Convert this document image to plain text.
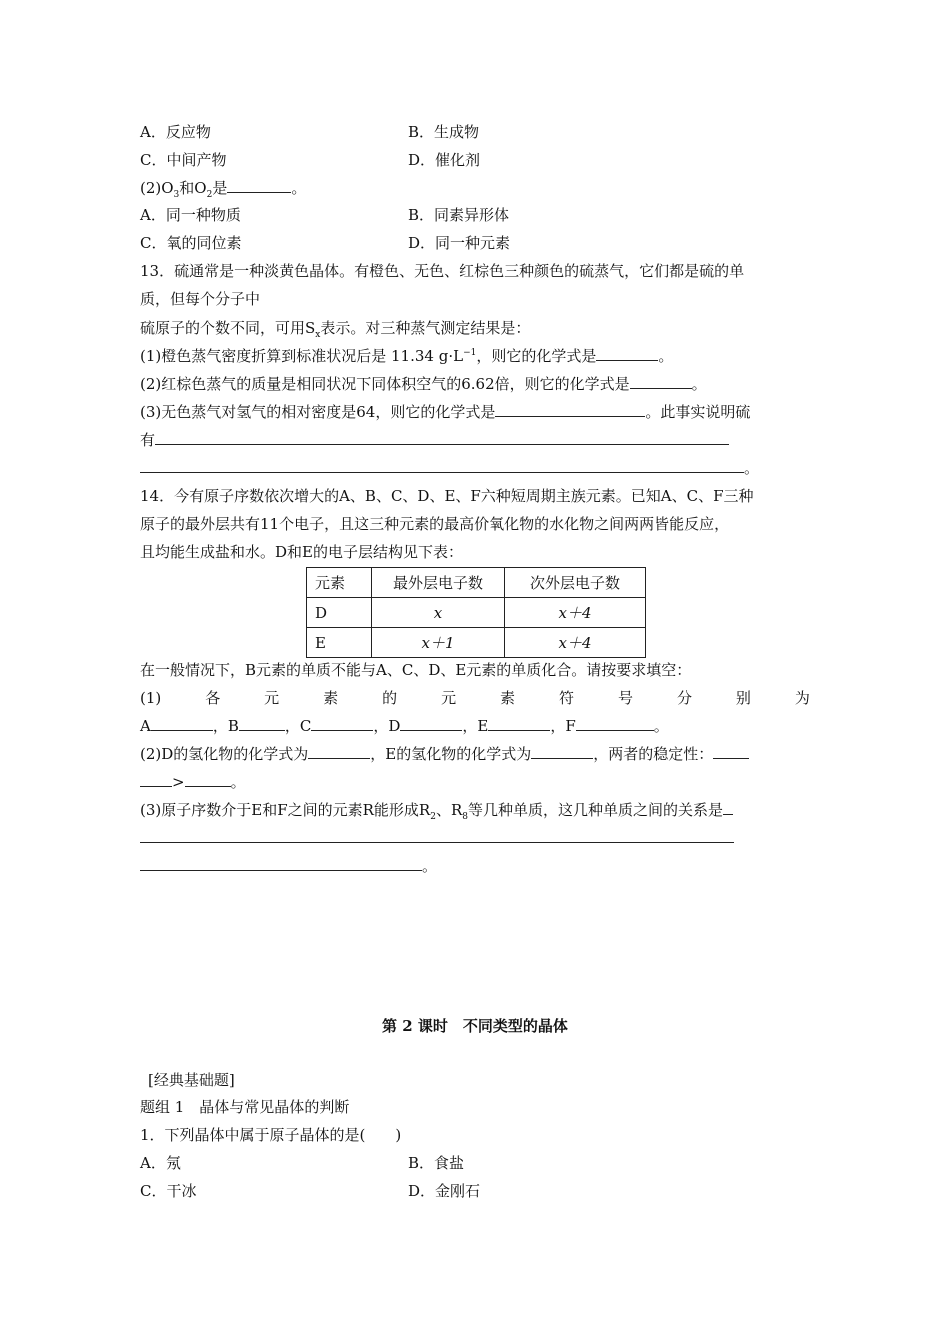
A．反应物	B．生成物
C．中间产物	D．催化剂
$(2)O_3$和$O_2$是	。
A．同一种物质	B．同素异形体
C．氧的同位素	D．同一种元素
13．硫通常是一种淡黄色晶体。有橙色、无色、红棕色三种颜色的硫蒸气，它们都是硫的单
质，但每个分子中
硫原子的个数不同，可用$S_x$表示。对三种蒸气测定结果是：
(1)橙色蒸气密度折算到标准状况后是 11.34 $g\cdot L^{-1}$，则它的化学式是	。
(2)红棕色蒸气的质量是相同状况下同体积空气的6.62倍，则它的化学式是	。
(3)无色蒸气对氢气的相对密度是64，则它的化学式是	。此事实说明硫
有
。
14．今有原子序数依次增大的A、B、C、D、E、F六种短周期主族元素。已知A、C、F三种
原子的最外层共有11个电子，且这三种元素的最高价氧化物的水化物之间两两皆能反应，
且均能生成盐和水。D和E的电子层结构见下表：
元素	最外层电子数	次外层电子数
D	x	x＋4
E	x＋1	x＋4
在一般情况下，B元素的单质不能与A、C、D、E元素的单质化合。请按要求填空：
(1)	各	元	素	的	元	素	符	号	分	别	为
A	，B	，C	，D	，E	，F	。
(2)D的氢化物的化学式为	，E的氢化物的化学式为	，两者的稳定性：
>	。
(3)原子序数介于E和F之间的元素R能形成$R_2$、$R_8$等几种单质，这几种单质之间的关系是
。
第 2 课时　不同类型的晶体
[经典基础题]
题组 1　晶体与常见晶体的判断
1．下列晶体中属于原子晶体的是(　　)
A．氖	B．食盐
C．干冰	D．金刚石
